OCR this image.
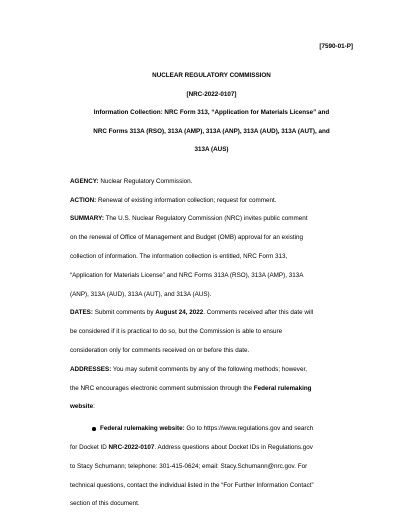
[7590-01-P]

NUCLEAR REGULATORY COMMISSION

[NRC-2022-0107]

Information Collection: NRC Form 313, “Application for Materials License” and

NRC Forms 313A (RSO), 313A (AMP), 313A (ANP), 313A (AUD), 313A (AUT), and

313A (AUS)

AGENCY: Nuclear Regulatory Commission.
ACTION: Renewal of existing information collection; request for comment.
SUMMARY: The U.S. Nuclear Regulatory Commission (NRC) invites public comment
on the renewal of Office of Management and Budget (OMB) approval for an existing
collection of information. The information collection is entitled, NRC Form 313,
“Application for Materials License” and NRC Forms 313A (RSO), 313A (AMP), 313A
(ANP), 313A (AUD), 313A (AUT), and 313A (AUS).
DATES: Submit comments by August 24, 2022. Comments received after this date will
be considered if it is practical to do so, but the Commission is able to ensure
consideration only for comments received on or before this date.
ADDRESSES: You may submit comments by any of the following methods; however,
the NRC encourages electronic comment submission through the Federal rulemaking
website:
Federal rulemaking website: Go to https://www.regulations.gov and search
for Docket ID NRC-2022-0107. Address questions about Docket IDs in Regulations.gov
to Stacy Schumann; telephone: 301-415-0624; email: Stacy.Schumann@nrc.gov. For
technical questions, contact the individual listed in the “For Further Information Contact”
section of this document.
